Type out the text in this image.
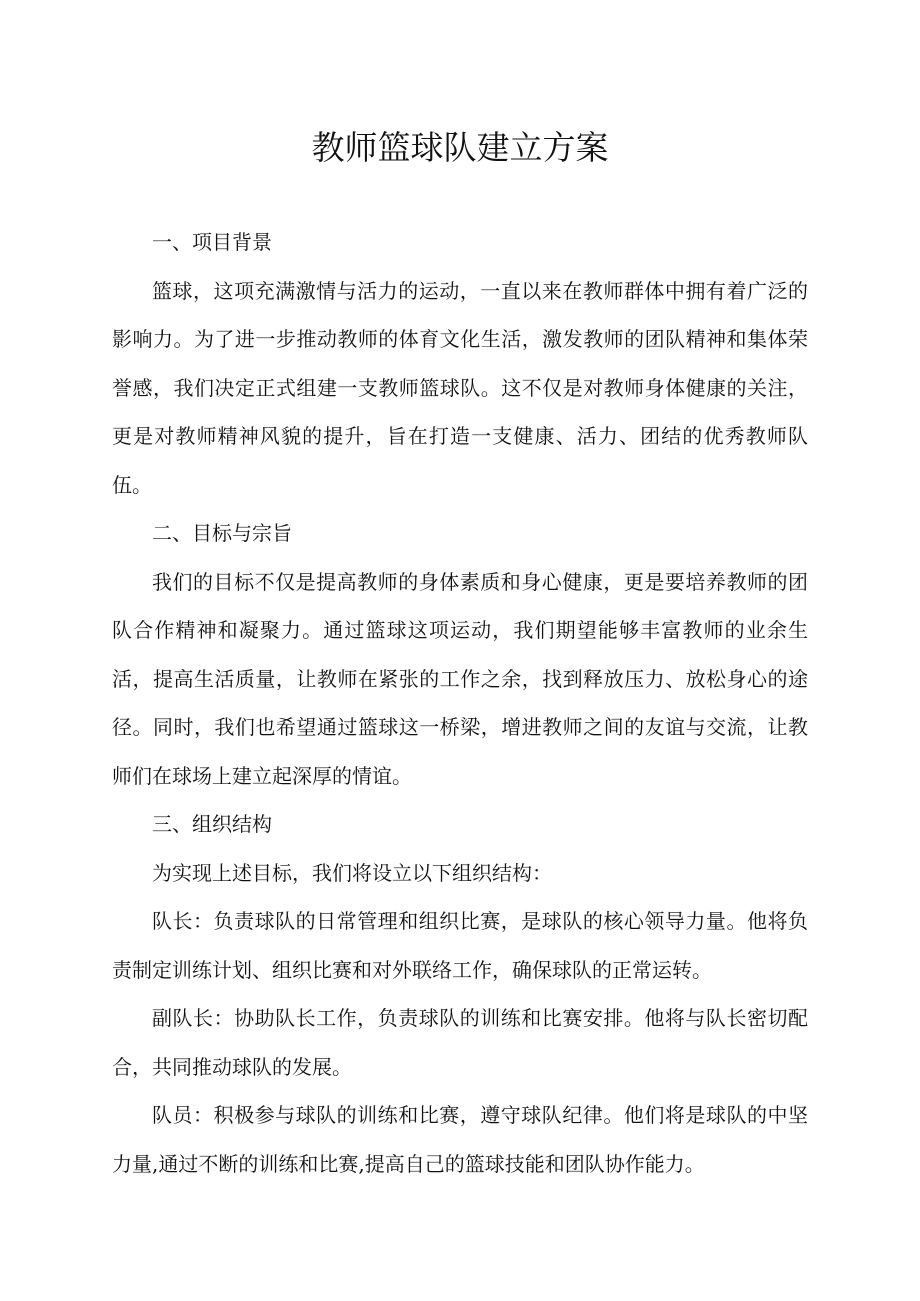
教师篮球队建立方案

一、项目背景

篮球，这项充满激情与活力的运动，一直以来在教师群体中拥有着广泛的影响力。为了进一步推动教师的体育文化生活，激发教师的团队精神和集体荣誉感，我们决定正式组建一支教师篮球队。这不仅是对教师身体健康的关注，更是对教师精神风貌的提升，旨在打造一支健康、活力、团结的优秀教师队伍。

二、目标与宗旨

我们的目标不仅是提高教师的身体素质和身心健康，更是要培养教师的团队合作精神和凝聚力。通过篮球这项运动，我们期望能够丰富教师的业余生活，提高生活质量，让教师在紧张的工作之余，找到释放压力、放松身心的途径。同时，我们也希望通过篮球这一桥梁，增进教师之间的友谊与交流，让教师们在球场上建立起深厚的情谊。

三、组织结构

为实现上述目标，我们将设立以下组织结构：

队长：负责球队的日常管理和组织比赛，是球队的核心领导力量。他将负责制定训练计划、组织比赛和对外联络工作，确保球队的正常运转。

副队长：协助队长工作，负责球队的训练和比赛安排。他将与队长密切配合，共同推动球队的发展。

队员：积极参与球队的训练和比赛，遵守球队纪律。他们将是球队的中坚力量,通过不断的训练和比赛,提高自己的篮球技能和团队协作能力。
